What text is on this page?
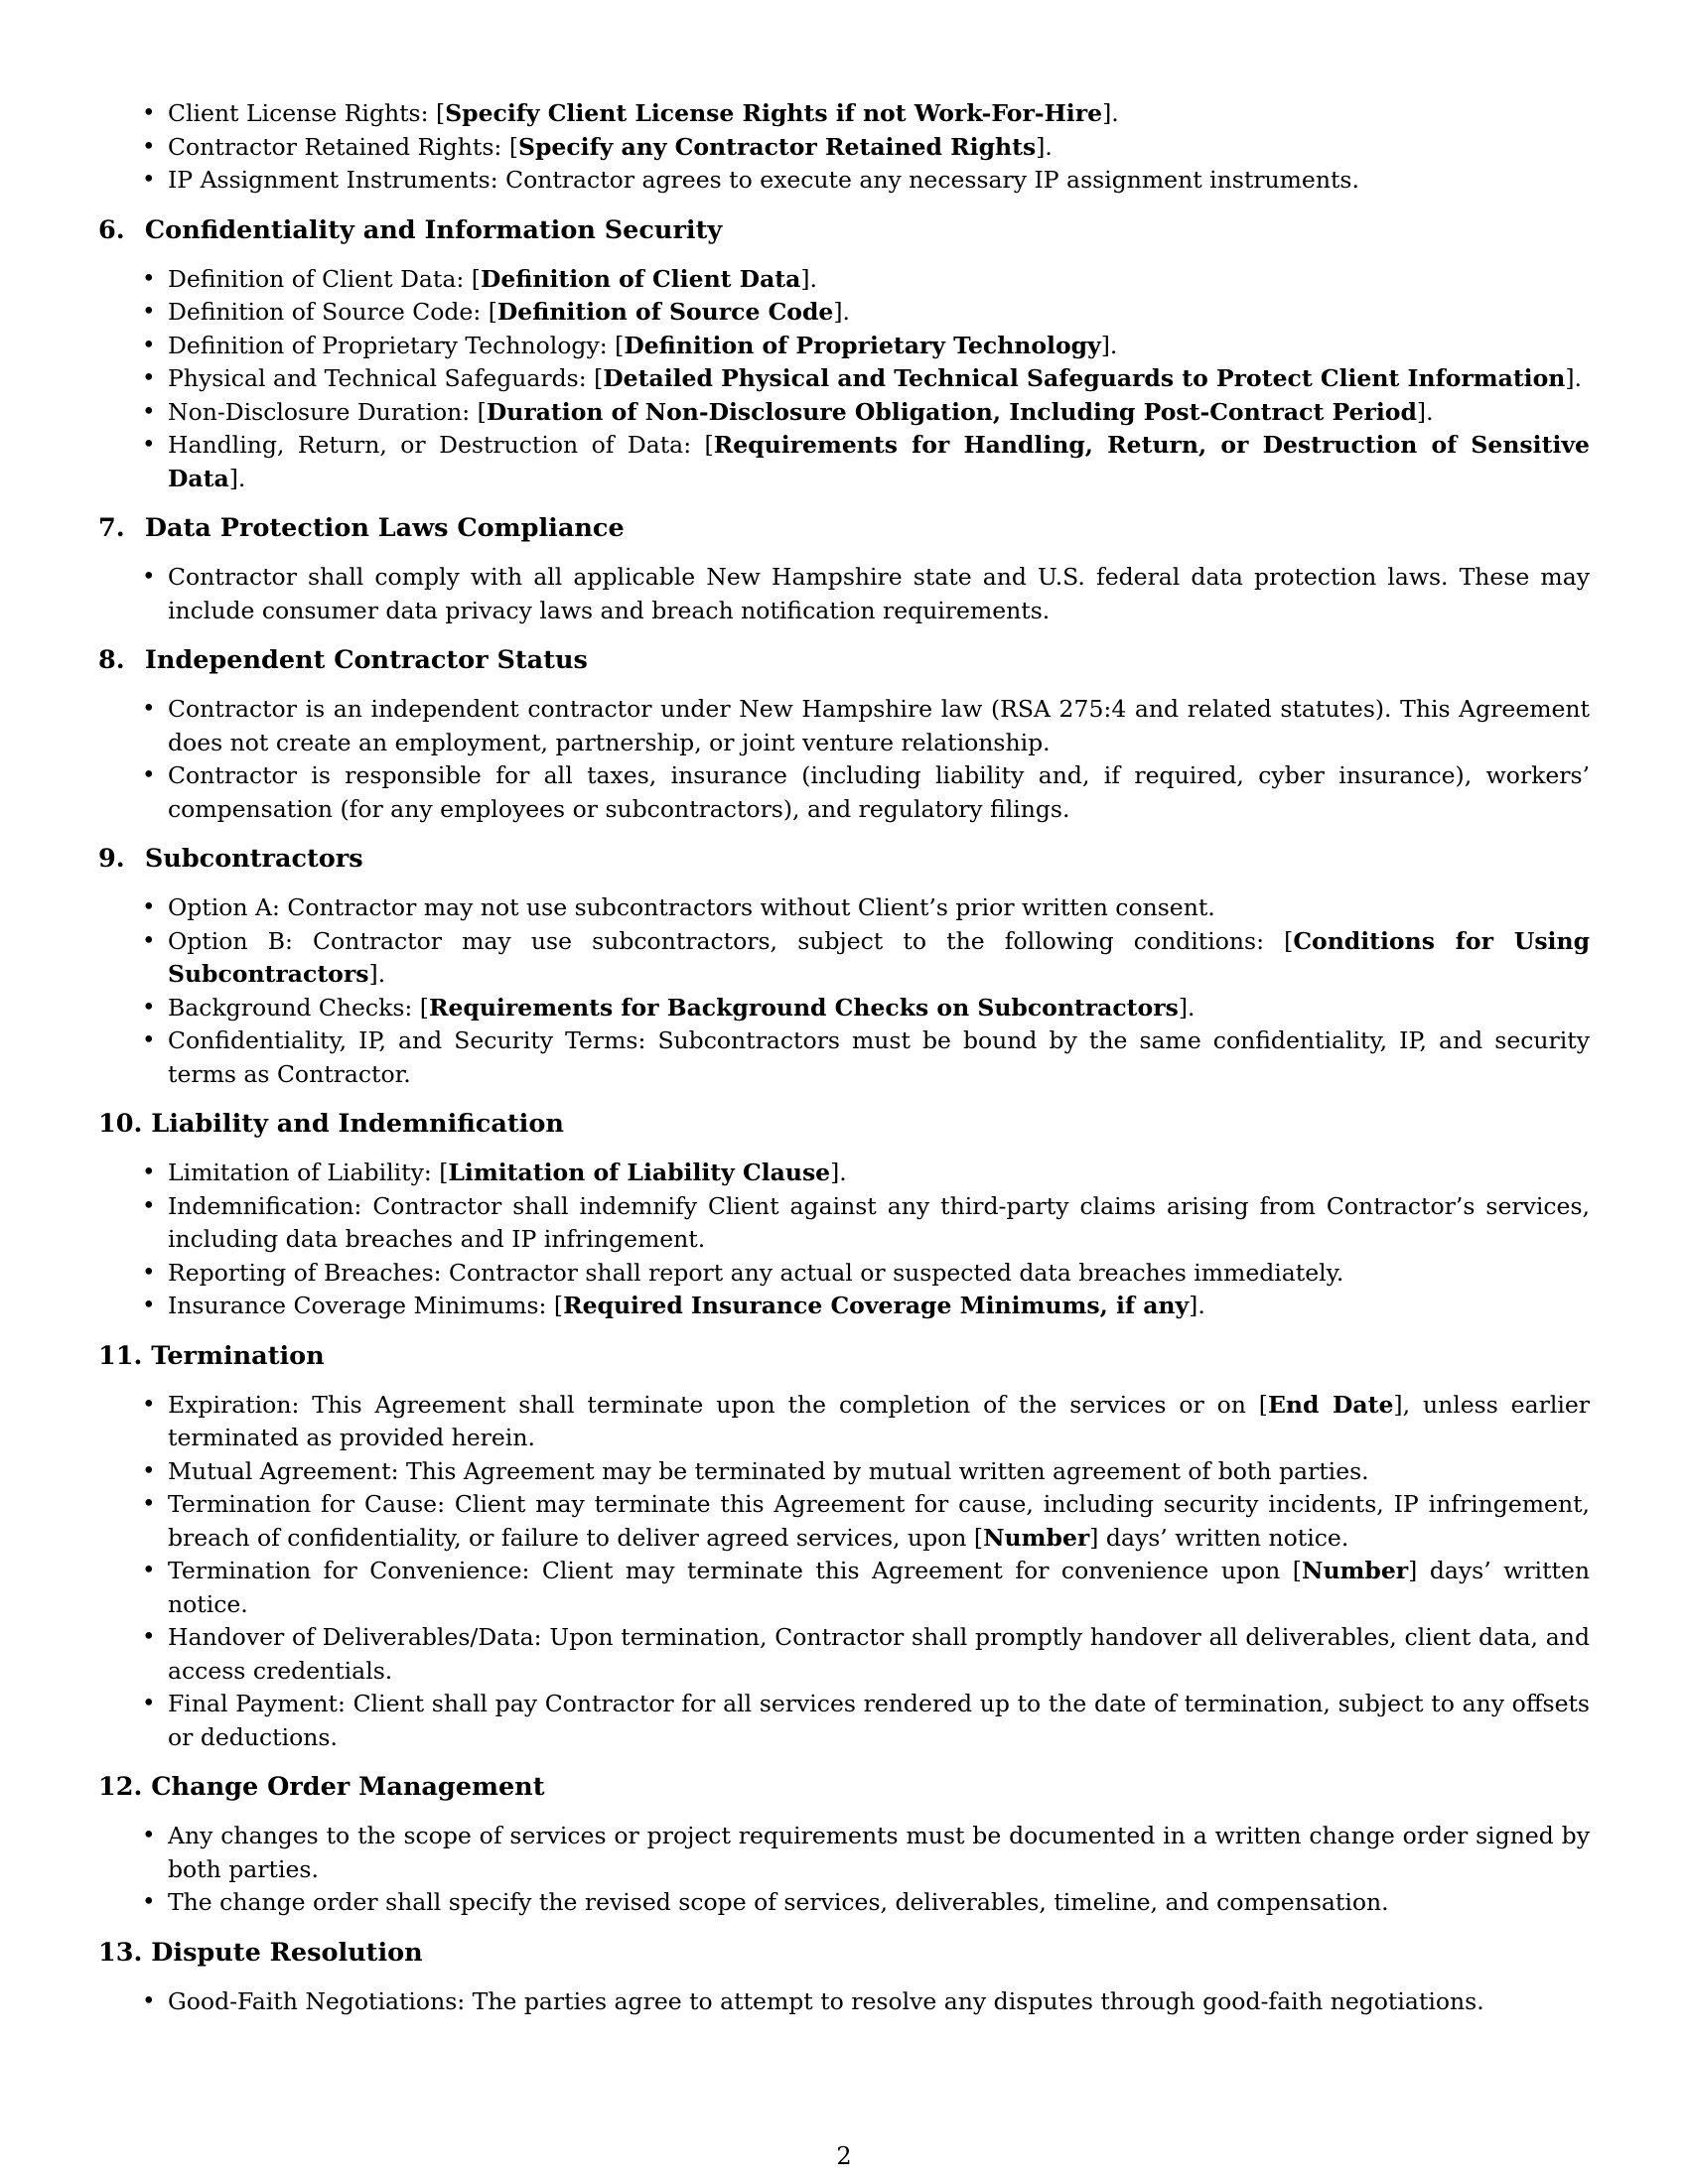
• Client License Rights: [Specify Client License Rights if not Work-For-Hire].
• Contractor Retained Rights: [Specify any Contractor Retained Rights].
• IP Assignment Instruments: Contractor agrees to execute any necessary IP assignment instruments.
6. Confidentiality and Information Security
• Definition of Client Data: [Definition of Client Data].
• Definition of Source Code: [Definition of Source Code].
• Definition of Proprietary Technology: [Definition of Proprietary Technology].
• Physical and Technical Safeguards: [Detailed Physical and Technical Safeguards to Protect Client Information].
• Non-Disclosure Duration: [Duration of Non-Disclosure Obligation, Including Post-Contract Period].
• Handling, Return, or Destruction of Data: [Requirements for Handling, Return, or Destruction of Sensitive Data].
7. Data Protection Laws Compliance
• Contractor shall comply with all applicable New Hampshire state and U.S. federal data protection laws. These may include consumer data privacy laws and breach notification requirements.
8. Independent Contractor Status
• Contractor is an independent contractor under New Hampshire law (RSA 275:4 and related statutes). This Agreement does not create an employment, partnership, or joint venture relationship.
• Contractor is responsible for all taxes, insurance (including liability and, if required, cyber insurance), workers’ compensation (for any employees or subcontractors), and regulatory filings.
9. Subcontractors
• Option A: Contractor may not use subcontractors without Client’s prior written consent.
• Option B: Contractor may use subcontractors, subject to the following conditions: [Conditions for Using Subcontractors].
• Background Checks: [Requirements for Background Checks on Subcontractors].
• Confidentiality, IP, and Security Terms: Subcontractors must be bound by the same confidentiality, IP, and security terms as Contractor.
10. Liability and Indemnification
• Limitation of Liability: [Limitation of Liability Clause].
• Indemnification: Contractor shall indemnify Client against any third-party claims arising from Contractor’s services, including data breaches and IP infringement.
• Reporting of Breaches: Contractor shall report any actual or suspected data breaches immediately.
• Insurance Coverage Minimums: [Required Insurance Coverage Minimums, if any].
11. Termination
• Expiration: This Agreement shall terminate upon the completion of the services or on [End Date], unless earlier terminated as provided herein.
• Mutual Agreement: This Agreement may be terminated by mutual written agreement of both parties.
• Termination for Cause: Client may terminate this Agreement for cause, including security incidents, IP infringement, breach of confidentiality, or failure to deliver agreed services, upon [Number] days’ written notice.
• Termination for Convenience: Client may terminate this Agreement for convenience upon [Number] days’ written notice.
• Handover of Deliverables/Data: Upon termination, Contractor shall promptly handover all deliverables, client data, and access credentials.
• Final Payment: Client shall pay Contractor for all services rendered up to the date of termination, subject to any offsets or deductions.
12. Change Order Management
• Any changes to the scope of services or project requirements must be documented in a written change order signed by both parties.
• The change order shall specify the revised scope of services, deliverables, timeline, and compensation.
13. Dispute Resolution
• Good-Faith Negotiations: The parties agree to attempt to resolve any disputes through good-faith negotiations.
2
